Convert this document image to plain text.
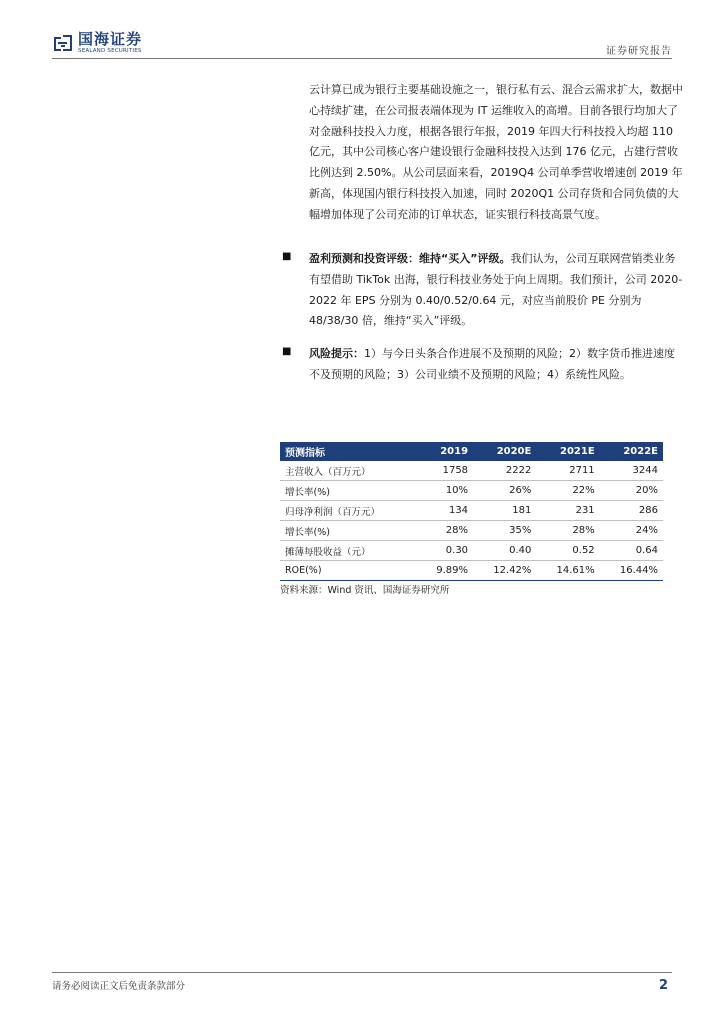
国海证券
SEALAND SECURITIES	证券研究报告

云计算已成为银行主要基础设施之一，银行私有云、混合云需求扩大，数据中心持续扩建，在公司报表端体现为 IT 运维收入的高增。目前各银行均加大了对金融科技投入力度，根据各银行年报，2019 年四大行科技投入均超 110 亿元，其中公司核心客户建设银行金融科技投入达到 176 亿元，占建行营收比例达到 2.50%。从公司层面来看，2019Q4 公司单季营收增速创 2019 年新高，体现国内银行科技投入加速，同时 2020Q1 公司存货和合同负债的大幅增加体现了公司充沛的订单状态，证实银行科技高景气度。

■ 盈利预测和投资评级：维持“买入”评级。我们认为，公司互联网营销类业务有望借助 TikTok 出海，银行科技业务处于向上周期。我们预计，公司 2020-2022 年 EPS 分别为 0.40/0.52/0.64 元，对应当前股价 PE 分别为 48/38/30 倍，维持“买入”评级。

■ 风险提示：1）与今日头条合作进展不及预期的风险；2）数字货币推进速度不及预期的风险；3）公司业绩不及预期的风险；4）系统性风险。

预测指标	2019	2020E	2021E	2022E
主营收入（百万元）	1758	2222	2711	3244
增长率(%)	10%	26%	22%	20%
归母净利润（百万元）	134	181	231	286
增长率(%)	28%	35%	28%	24%
摊薄每股收益（元）	0.30	0.40	0.52	0.64
ROE(%)	9.89%	12.42%	14.61%	16.44%
资料来源：Wind 资讯、国海证券研究所
请务必阅读正文后免责条款部分	2
